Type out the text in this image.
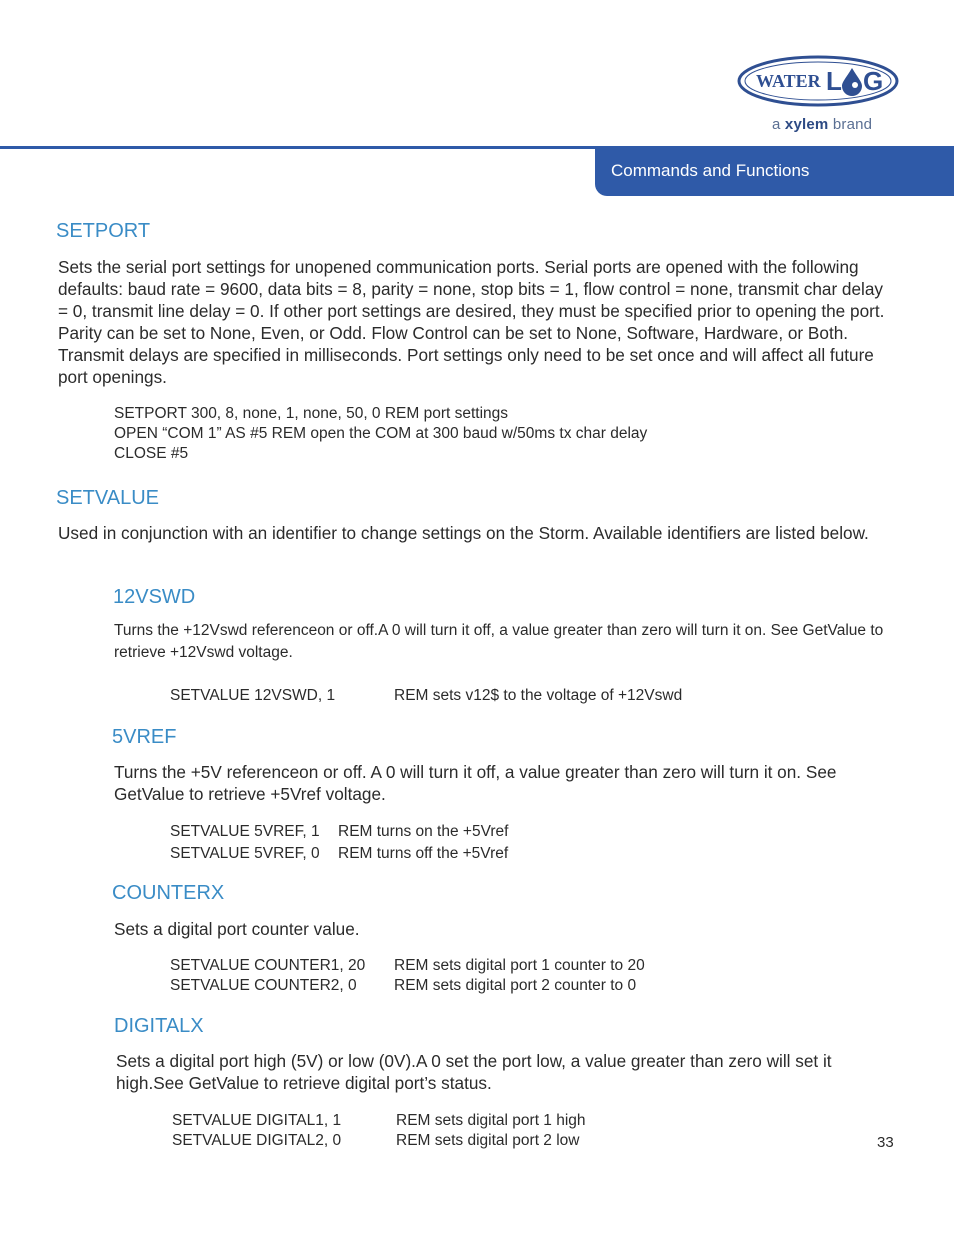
WATER L G
a xylem brand
Commands and Functions
SETPORT
Sets the serial port settings for unopened communication ports. Serial ports are opened with the following defaults: baud rate = 9600, data bits = 8, parity = none, stop bits = 1, flow control = none, transmit char delay = 0, transmit line delay = 0. If other port settings are desired, they must be specified prior to opening the port. Parity can be set to None, Even, or Odd. Flow Control can be set to None, Software, Hardware, or Both. Transmit delays are specified in milliseconds. Port settings only need to be set once and will affect all future port openings.
SETPORT 300, 8, none, 1, none, 50, 0 REM port settings
OPEN “COM 1” AS #5 REM open the COM at 300 baud w/50ms tx char delay
CLOSE #5
SETVALUE
Used in conjunction with an identifier to change settings on the Storm. Available identifiers are listed below.
12VSWD
Turns the +12Vswd referenceon or off.A 0 will turn it off, a value greater than zero will turn it on. See GetValue to retrieve +12Vswd voltage.
SETVALUE 12VSWD, 1	REM sets v12$ to the voltage of +12Vswd
5VREF
Turns the +5V referenceon or off. A 0 will turn it off, a value greater than zero will turn it on. See GetValue to retrieve +5Vref voltage.
SETVALUE 5VREF, 1 REM turns on the +5Vref
SETVALUE 5VREF, 0 REM turns off the +5Vref
COUNTERX
Sets a digital port counter value.
SETVALUE COUNTER1, 20 REM sets digital port 1 counter to 20
SETVALUE COUNTER2, 0 REM sets digital port 2 counter to 0
DIGITALX
Sets a digital port high (5V) or low (0V).A 0 set the port low, a value greater than zero will set it high.See GetValue to retrieve digital port’s status.
SETVALUE DIGITAL1, 1	REM sets digital port 1 high
SETVALUE DIGITAL2, 0	REM sets digital port 2 low	33
